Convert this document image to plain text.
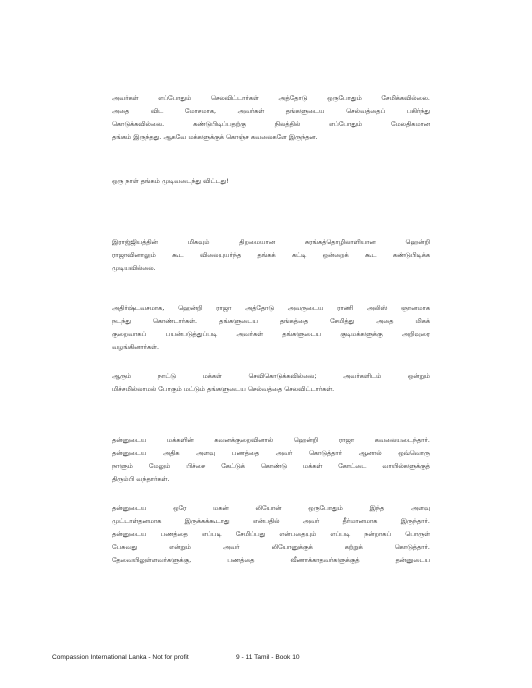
அவர்கள் எப்போதும் செலவிட்டார்கள் அத்தோடு ஒருபோதும் சேமிக்கவில்லை.
அதை விட மோசமாக, அவர்கள் தங்களுடைய செல்வத்தைப் பகிர்ந்து
கொடுக்கவில்லை. கண்டுபிடிப்பதற்கு நிலத்தில் எப்போதும் மேலதிகமான
தங்கம் இருந்தது. ஆகவே மக்களுக்குக் கொஞ்ச கவலைகளே இருந்தன.
ஒரு நாள் தங்கம் முடிவடைந்து விட்டது!
இராஜ்ஜியத்தின் மிகவும் திறமையான சுரங்கத்தொழிலாளியான ஹென்றி
ராஜாவினாலும் கூட விலையுயர்ந்த தங்கக் கட்டி ஒன்றைக் கூட கண்டுபிடிக்க
முடியவில்லை.
அதிர்ஷ்டவசமாக, ஹென்றி ராஜா அத்தோடு அவருடைய ராணி அலிஸ் ஞானமாக
நடந்து கொண்டார்கள். தங்களுடைய தங்கத்தை சேமித்து அதை மிகக்
குறைவாகப் பயன்படுத்துப்படி அவர்கள் தங்களுடைய குடிமக்களுக்கு அறிவுரை
வழங்கினார்கள்.
ஆரும் நாட்டு மக்கள் செவிகொடுக்கவில்லை; அவர்களிடம் ஒன்றும்
மிச்சமில்லாமல் போகும் மட்டும் தங்களுடைய செல்வத்தை செலவிட்டார்கள்.
தன்னுடைய மக்களின் கவனக்குறைவினால் ஹென்றி ராஜா கவலையடைந்தார்.
தன்னுடைய அதிக அளவு பணத்தை அவர் கொடுத்தார் ஆனால் ஒவ்வொரு
நாளும் மேலும் பிச்சை கேட்டுக் கொண்டு மக்கள் கோட்டை வாயில்களுக்குத்
திரும்பி வந்தார்கள்.
தன்னுடைய ஒரே மகன் லியோன் ஒருபோதும் இந்த அளவு
முட்டாள்தனமாக இருக்கக்கூடாது என்பதில் அவர் தீர்மானமாக இருந்தார்.
தன்னுடைய பணத்தை எப்படி சேமிப்பது என்பதையும் எப்படி நன்றாகப் பொருள்
பேசுவது என்றும் அவர் லியோனுக்குக் கற்றுக் கொடுத்தார்.
தேவையிலுள்ளவர்களுக்கு, பணத்தை வீணாக்காதவர்களுக்குத் தன்னுடைய
Compassion International Lanka - Not for profit	9 - 11 Tamil - Book 10
